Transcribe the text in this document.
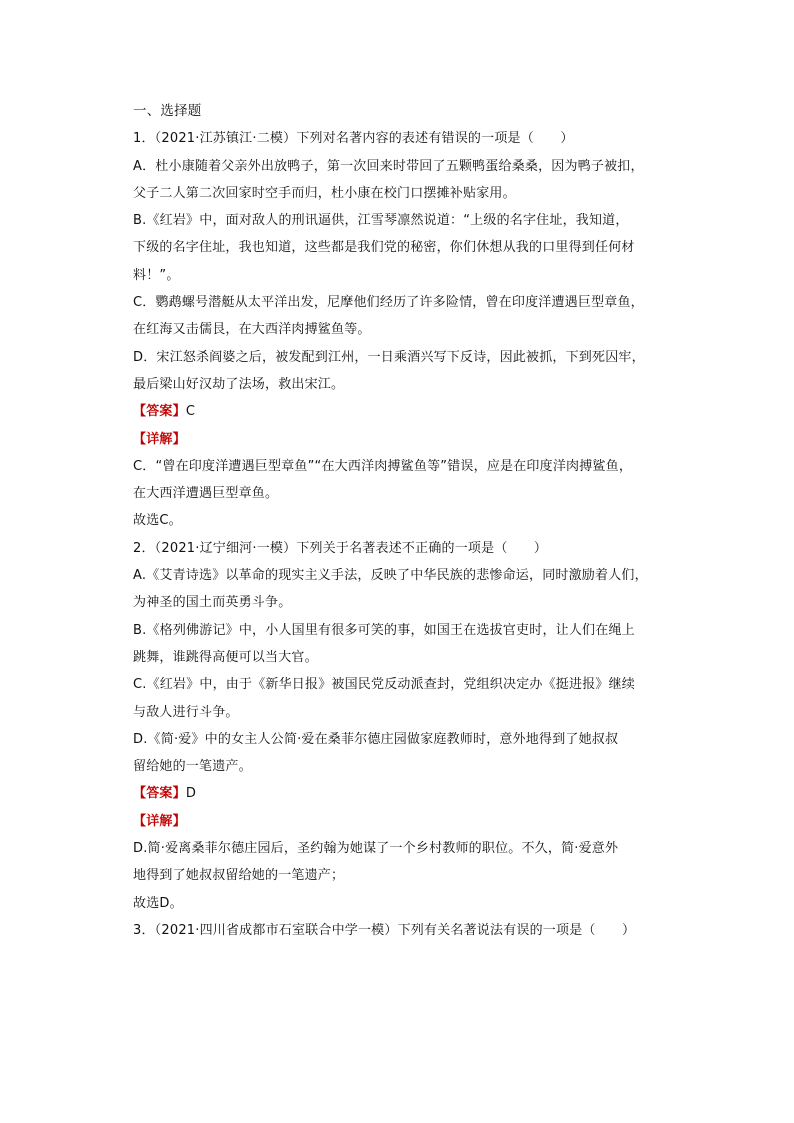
一、选择题
1．（2021·江苏镇江·二模）下列对名著内容的表述有错误的一项是（　　）
A．杜小康随着父亲外出放鸭子，第一次回来时带回了五颗鸭蛋给桑桑，因为鸭子被扣，
父子二人第二次回家时空手而归，杜小康在校门口摆摊补贴家用。
B.《红岩》中，面对敌人的刑讯逼供，江雪琴凛然说道：“上级的名字住址，我知道，
下级的名字住址，我也知道，这些都是我们党的秘密，你们休想从我的口里得到任何材
料！”。
C．鹦鹉螺号潜艇从太平洋出发，尼摩他们经历了许多险情，曾在印度洋遭遇巨型章鱼，
在红海又击儒艮，在大西洋肉搏鲨鱼等。
D．宋江怒杀阎婆之后，被发配到江州，一日乘酒兴写下反诗，因此被抓，下到死囚牢，
最后梁山好汉劫了法场，救出宋江。
【答案】C
【详解】
C．“曾在印度洋遭遇巨型章鱼”“在大西洋肉搏鲨鱼等”错误，应是在印度洋肉搏鲨鱼，
在大西洋遭遇巨型章鱼。
故选C。
2．（2021·辽宁细河·一模）下列关于名著表述不正确的一项是（　　）
A.《艾青诗选》以革命的现实主义手法，反映了中华民族的悲惨命运，同时激励着人们，
为神圣的国土而英勇斗争。
B.《格列佛游记》中，小人国里有很多可笑的事，如国王在选拔官吏时，让人们在绳上
跳舞，谁跳得高便可以当大官。
C.《红岩》中，由于《新华日报》被国民党反动派查封，党组织决定办《挺进报》继续
与敌人进行斗争。
D.《简·爱》中的女主人公简·爱在桑菲尔德庄园做家庭教师时，意外地得到了她叔叔
留给她的一笔遗产。
【答案】D
【详解】
D.简·爱离桑菲尔德庄园后，圣约翰为她谋了一个乡村教师的职位。不久，简·爱意外
地得到了她叔叔留给她的一笔遗产；
故选D。
3．（2021·四川省成都市石室联合中学一模）下列有关名著说法有误的一项是（　　）
